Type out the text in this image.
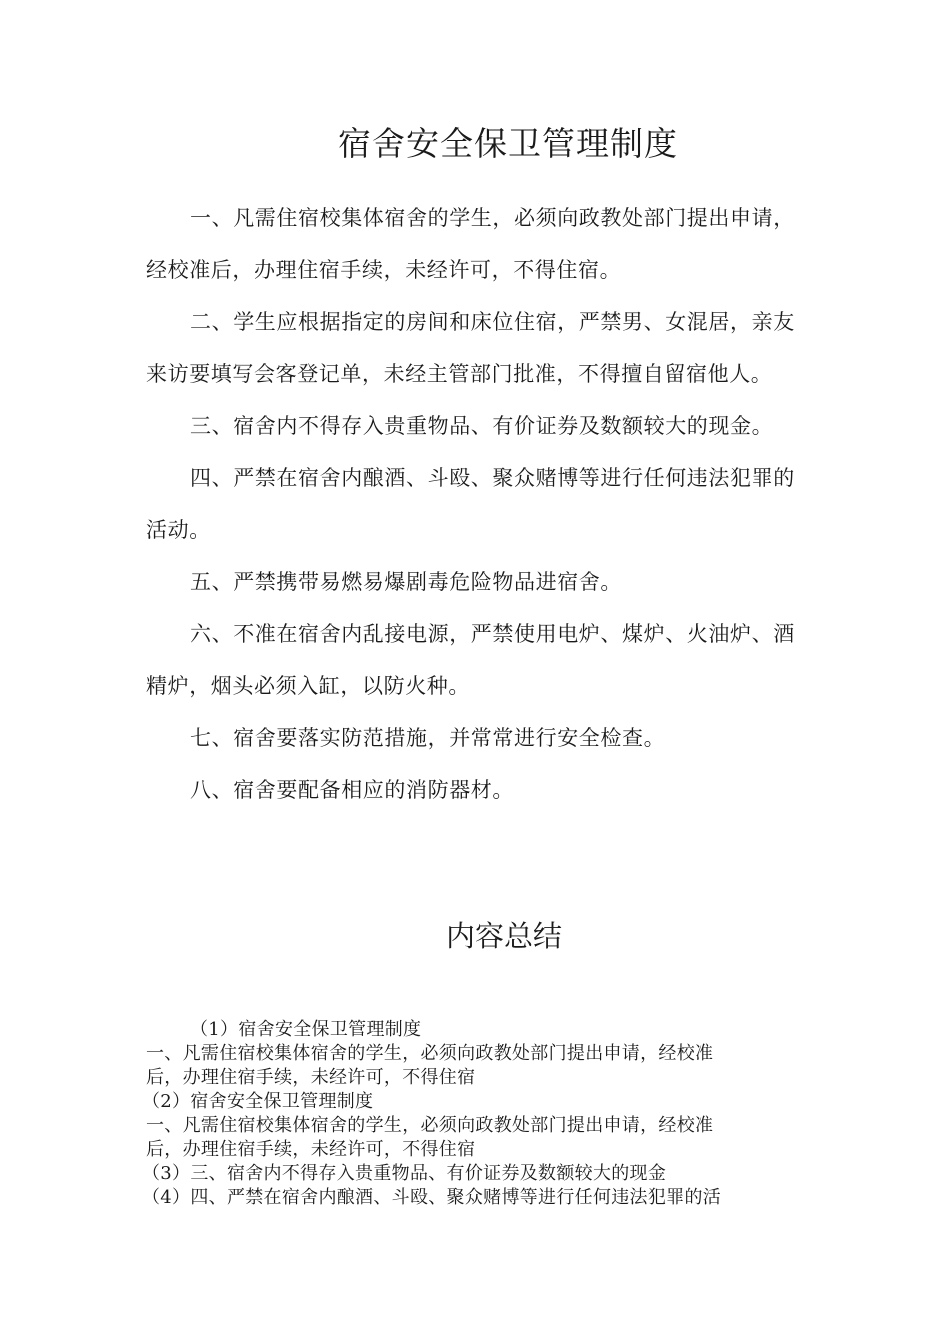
宿舍安全保卫管理制度

一、凡需住宿校集体宿舍的学生，必须向政教处部门提出申请，经校准后，办理住宿手续，未经许可，不得住宿。

二、学生应根据指定的房间和床位住宿，严禁男、女混居，亲友来访要填写会客登记单，未经主管部门批准，不得擅自留宿他人。

三、宿舍内不得存入贵重物品、有价证券及数额较大的现金。

四、严禁在宿舍内酿酒、斗殴、聚众赌博等进行任何违法犯罪的活动。

五、严禁携带易燃易爆剧毒危险物品进宿舍。

六、不准在宿舍内乱接电源，严禁使用电炉、煤炉、火油炉、酒精炉，烟头必须入缸，以防火种。

七、宿舍要落实防范措施，并常常进行安全检查。

八、宿舍要配备相应的消防器材。

内容总结

（1）宿舍安全保卫管理制度

一、凡需住宿校集体宿舍的学生，必须向政教处部门提出申请，经校准

后，办理住宿手续，未经许可，不得住宿

（2）宿舍安全保卫管理制度

一、凡需住宿校集体宿舍的学生，必须向政教处部门提出申请，经校准

后，办理住宿手续，未经许可，不得住宿

（3）三、宿舍内不得存入贵重物品、有价证券及数额较大的现金

（4）四、严禁在宿舍内酿酒、斗殴、聚众赌博等进行任何违法犯罪的活
